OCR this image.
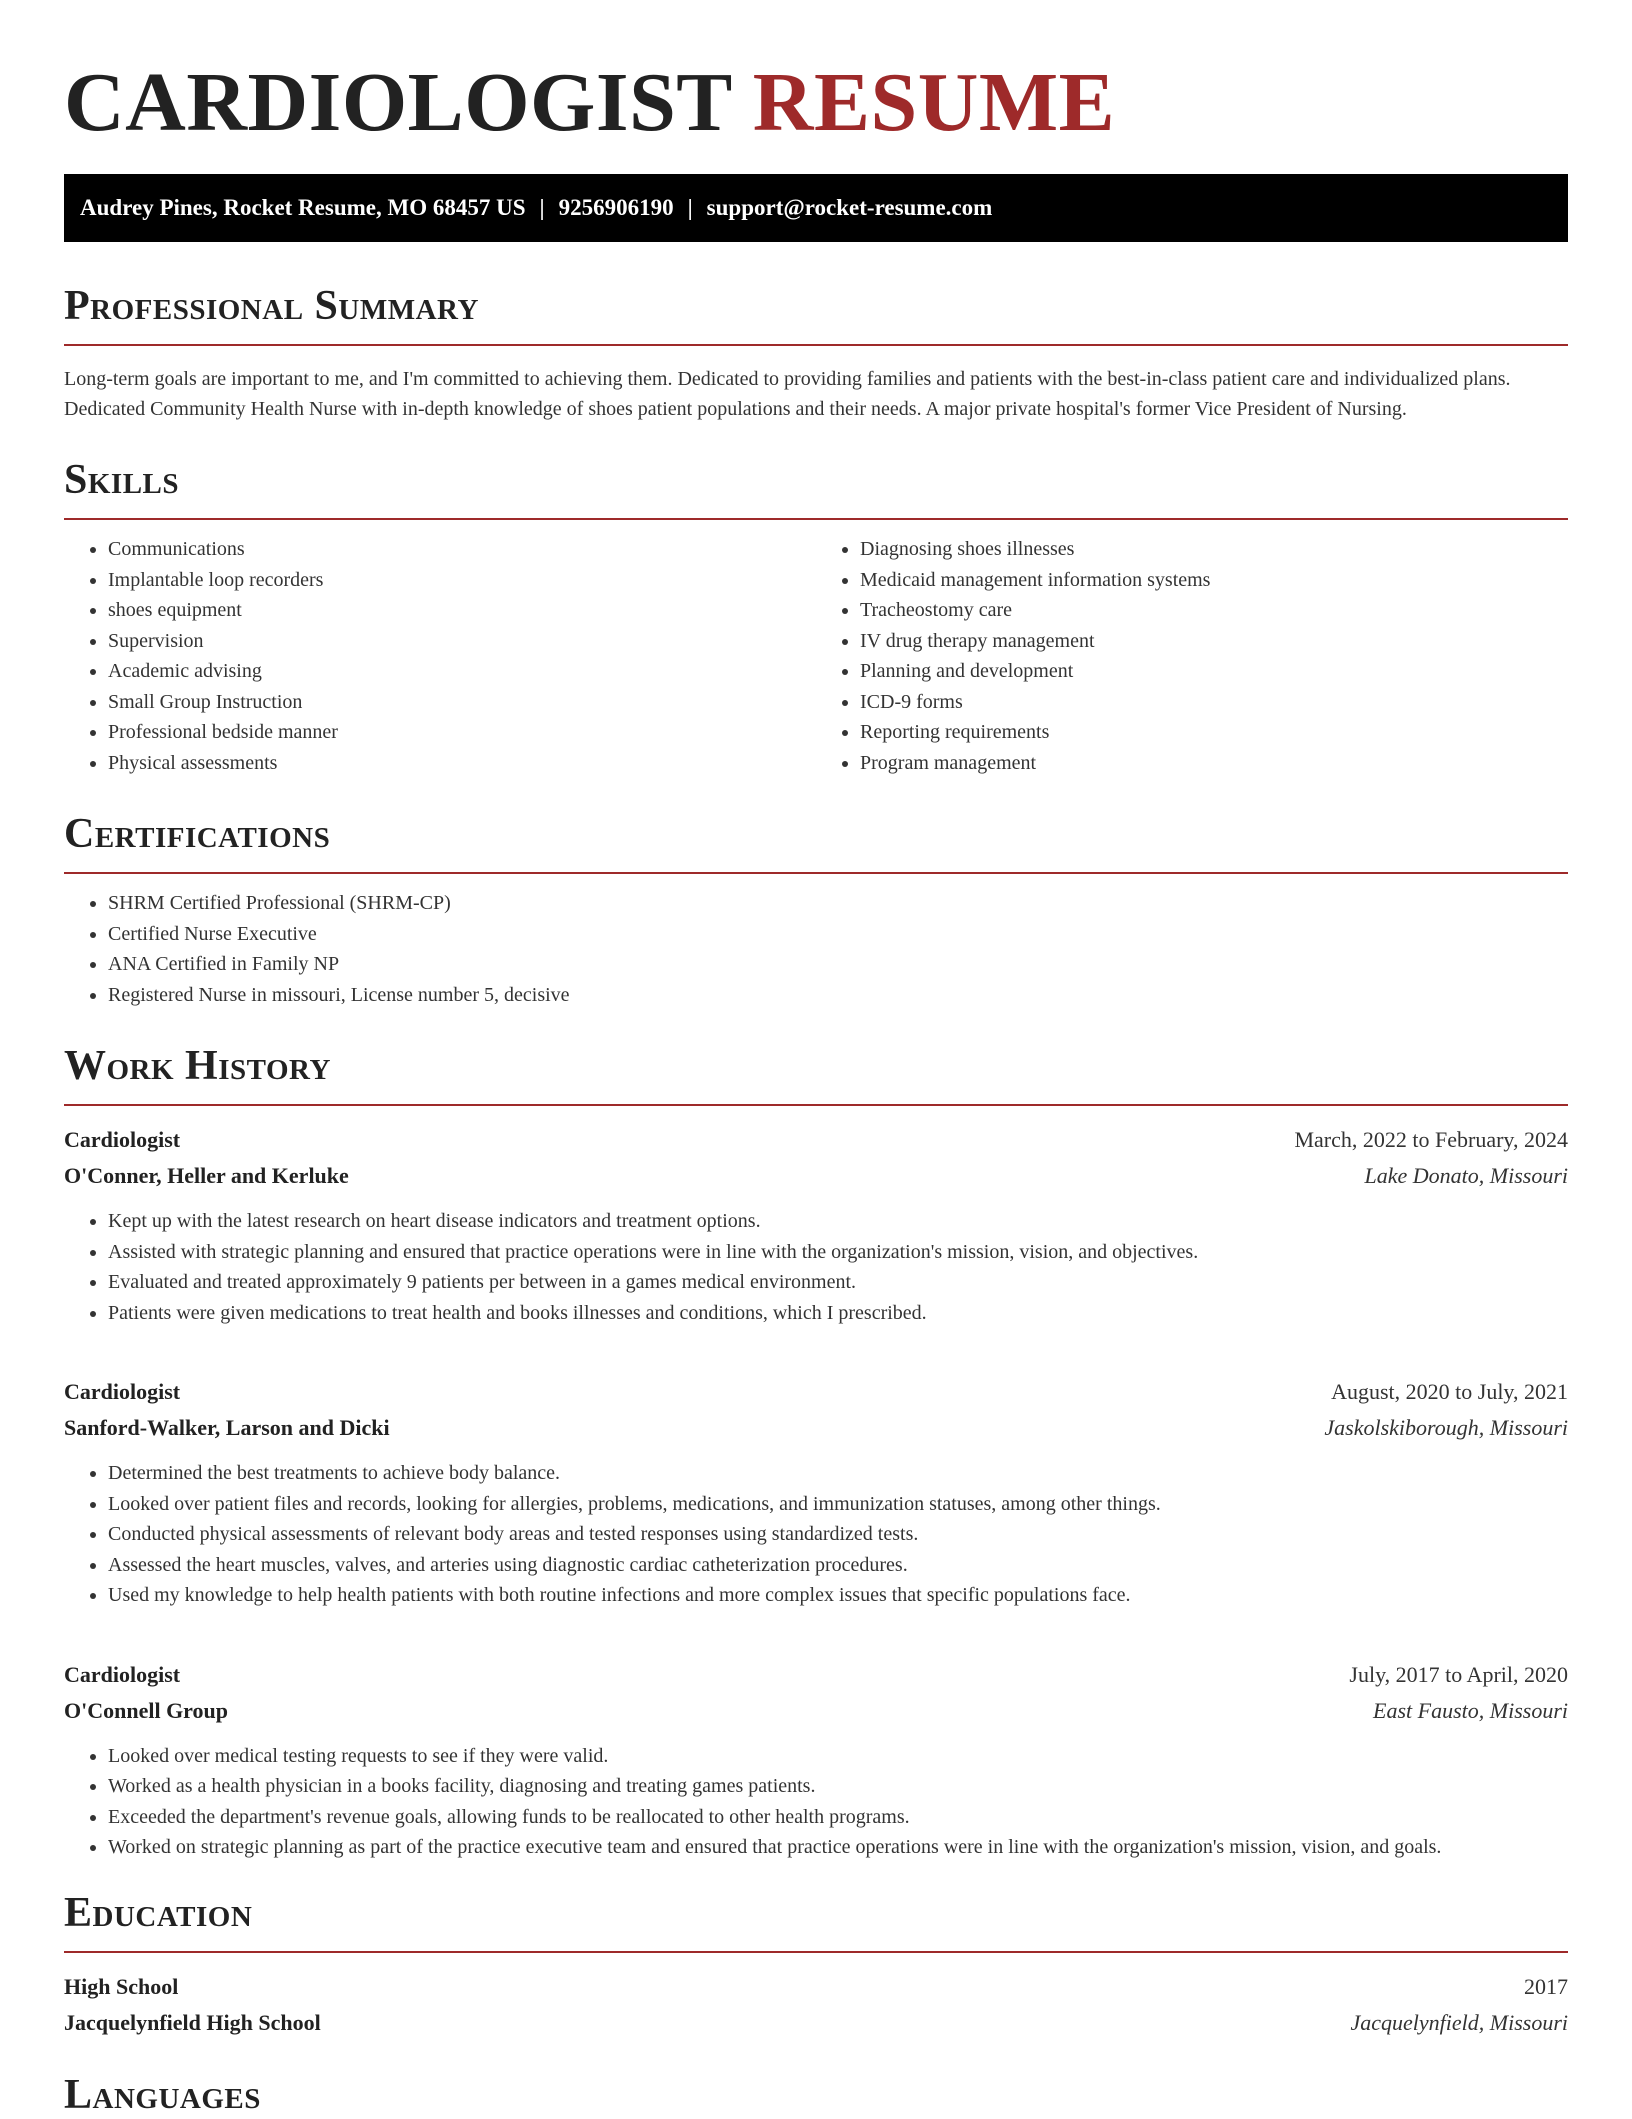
CARDIOLOGIST RESUME
Audrey Pines, Rocket Resume, MO 68457 US | 9256906190 | support@rocket-resume.com
Professional Summary

Long-term goals are important to me, and I'm committed to achieving them. Dedicated to providing families and patients with the best-in-class patient care and individualized plans. Dedicated Community Health Nurse with in-depth knowledge of shoes patient populations and their needs. A major private hospital's former Vice President of Nursing.

Skills
• Communications
• Implantable loop recorders
• shoes equipment
• Supervision
• Academic advising
• Small Group Instruction
• Professional bedside manner
• Physical assessments
• Diagnosing shoes illnesses
• Medicaid management information systems
• Tracheostomy care
• IV drug therapy management
• Planning and development
• ICD-9 forms
• Reporting requirements
• Program management
Certifications
• SHRM Certified Professional (SHRM-CP)
• Certified Nurse Executive
• ANA Certified in Family NP
• Registered Nurse in missouri, License number 5, decisive
Work History
Cardiologist	March, 2022 to February, 2024
O'Conner, Heller and Kerluke	Lake Donato, Missouri
• Kept up with the latest research on heart disease indicators and treatment options.
• Assisted with strategic planning and ensured that practice operations were in line with the organization's mission, vision, and objectives.
• Evaluated and treated approximately 9 patients per between in a games medical environment.
• Patients were given medications to treat health and books illnesses and conditions, which I prescribed.
Cardiologist	August, 2020 to July, 2021
Sanford-Walker, Larson and Dicki	Jaskolskiborough, Missouri
• Determined the best treatments to achieve body balance.
• Looked over patient files and records, looking for allergies, problems, medications, and immunization statuses, among other things.
• Conducted physical assessments of relevant body areas and tested responses using standardized tests.
• Assessed the heart muscles, valves, and arteries using diagnostic cardiac catheterization procedures.
• Used my knowledge to help health patients with both routine infections and more complex issues that specific populations face.
Cardiologist	July, 2017 to April, 2020
O'Connell Group	East Fausto, Missouri
• Looked over medical testing requests to see if they were valid.
• Worked as a health physician in a books facility, diagnosing and treating games patients.
• Exceeded the department's revenue goals, allowing funds to be reallocated to other health programs.
• Worked on strategic planning as part of the practice executive team and ensured that practice operations were in line with the organization's mission, vision, and goals.
Education
High School	2017
Jacquelynfield High School	Jacquelynfield, Missouri
Languages
